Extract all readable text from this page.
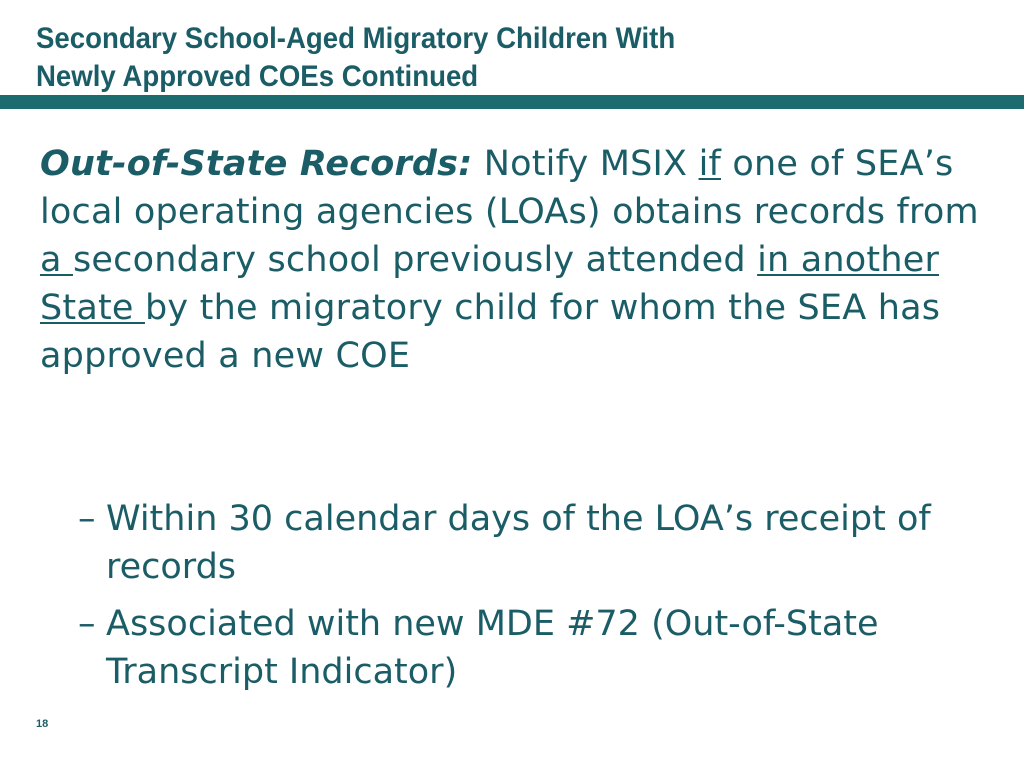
Secondary School-Aged Migratory Children With
Newly Approved COEs Continued
Out-of-State Records: Notify MSIX if one of SEA’s local operating agencies (LOAs) obtains records from a secondary school previously attended in another State by the migratory child for whom the SEA has approved a new COE
– Within 30 calendar days of the LOA’s receipt of records
– Associated with new MDE #72 (Out-of-State Transcript Indicator)
18
